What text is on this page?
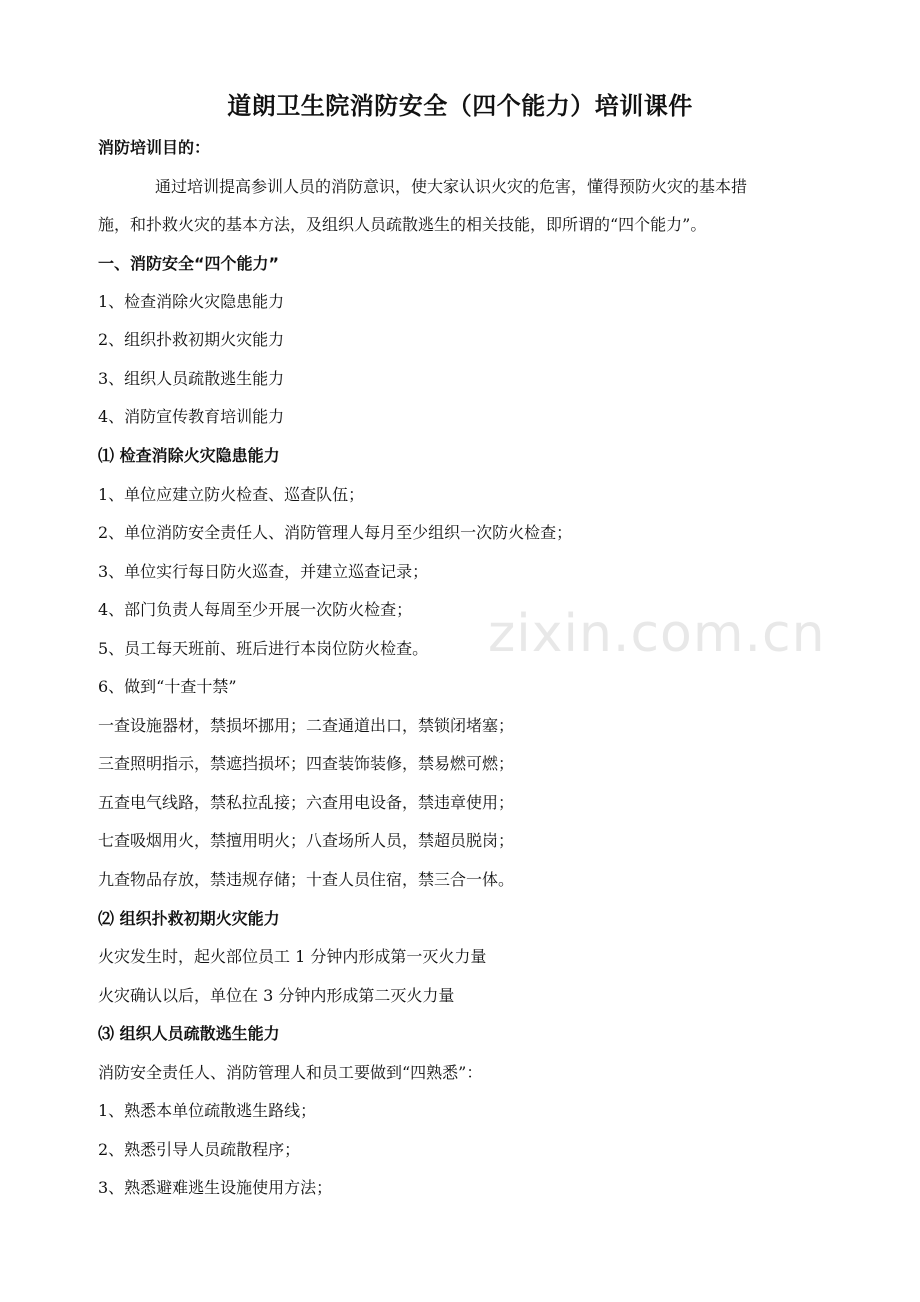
道朗卫生院消防安全（四个能力）培训课件
消防培训目的：
通过培训提高参训人员的消防意识，使大家认识火灾的危害，懂得预防火灾的基本措
施，和扑救火灾的基本方法，及组织人员疏散逃生的相关技能，即所谓的“四个能力”。
一、消防安全“四个能力”
1、检查消除火灾隐患能力
2、组织扑救初期火灾能力
3、组织人员疏散逃生能力
4、消防宣传教育培训能力
⑴ 检查消除火灾隐患能力
1、单位应建立防火检查、巡查队伍；
2、单位消防安全责任人、消防管理人每月至少组织一次防火检查；
3、单位实行每日防火巡查，并建立巡查记录；
4、部门负责人每周至少开展一次防火检查；
5、员工每天班前、班后进行本岗位防火检查。
6、做到“十查十禁”
一查设施器材，禁损坏挪用；二查通道出口，禁锁闭堵塞；
三查照明指示，禁遮挡损坏；四查装饰装修，禁易燃可燃；
五查电气线路，禁私拉乱接；六查用电设备，禁违章使用；
七查吸烟用火，禁擅用明火；八查场所人员，禁超员脱岗；
九查物品存放，禁违规存储；十查人员住宿，禁三合一体。
⑵ 组织扑救初期火灾能力
火灾发生时，起火部位员工 1 分钟内形成第一灭火力量
火灾确认以后，单位在 3 分钟内形成第二灭火力量
⑶ 组织人员疏散逃生能力
消防安全责任人、消防管理人和员工要做到“四熟悉”：
1、熟悉本单位疏散逃生路线；
2、熟悉引导人员疏散程序；
3、熟悉避难逃生设施使用方法；
zixin.com.cn
